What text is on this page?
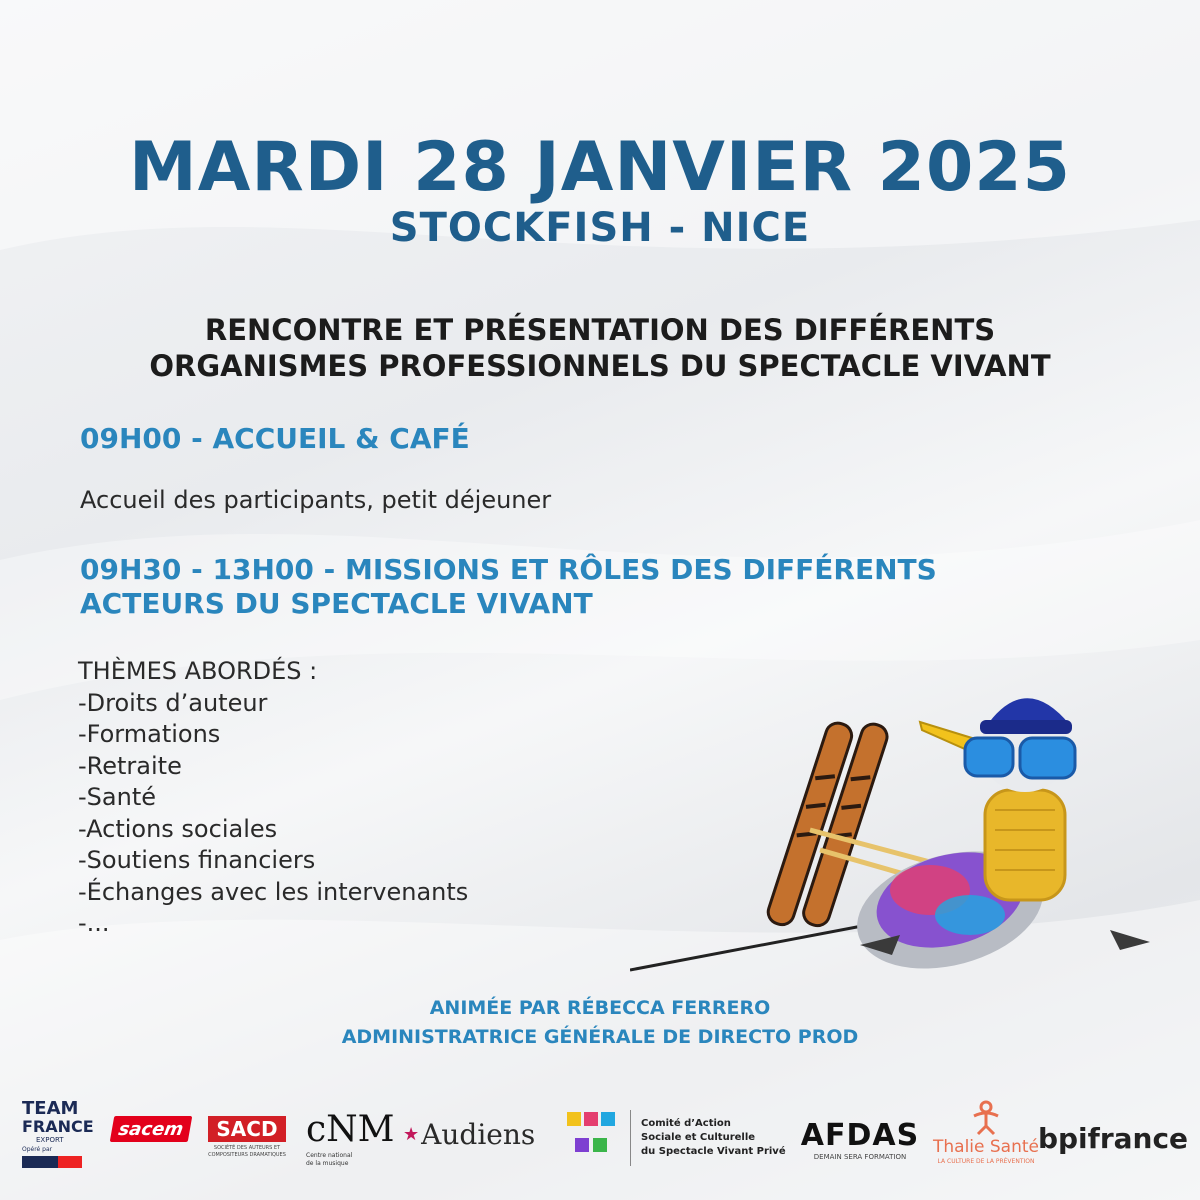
MARDI 28 JANVIER 2025
STOCKFISH - NICE
RENCONTRE ET PRÉSENTATION DES DIFFÉRENTS
ORGANISMES PROFESSIONNELS DU SPECTACLE VIVANT
09H00 - ACCUEIL & CAFÉ
Accueil des participants, petit déjeuner
09H30 - 13H00 - MISSIONS ET RÔLES DES DIFFÉRENTS
ACTEURS DU SPECTACLE VIVANT
THÈMES ABORDÉS :
-Droits d’auteur
-Formations
-Retraite
-Santé
-Actions sociales
-Soutiens financiers
-Échanges avec les intervenants
-...
ANIMÉE PAR RÉBECCA FERRERO
ADMINISTRATRICE GÉNÉRALE DE DIRECTO PROD
TEAM
FRANCE
EXPORT
Opéré par
sacem	SACD
SOCIÉTÉ DES AUTEURS ET COMPOSITEURS DRAMATIQUES
cNM
Centre national
de la musique
★ Audiens	Comité d’Action
Sociale et Culturelle
du Spectacle Vivant Privé AFDAS
DEMAIN SERA FORMATION Thalie Santé
LA CULTURE DE LA PRÉVENTION
bpifrance
